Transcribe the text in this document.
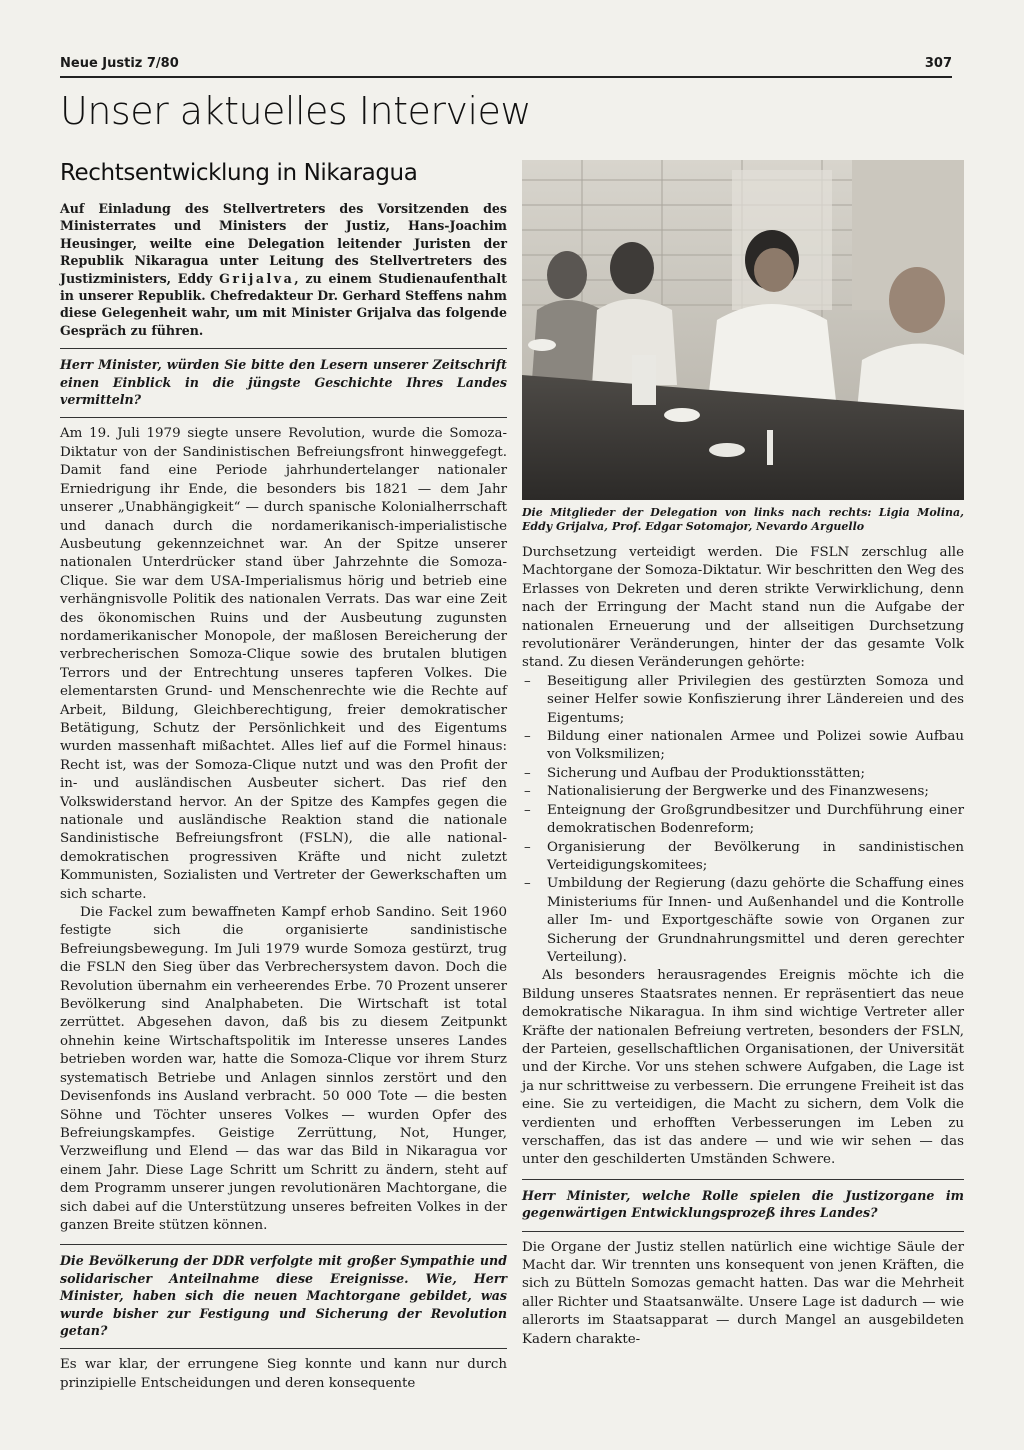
Neue Justiz 7/80	307
Unser aktuelles Interview
Rechtsentwicklung in Nikaragua

Auf Einladung des Stellvertreters des Vorsitzenden des Ministerrates und Ministers der Justiz, Hans-Joachim Heusinger, weilte eine Delegation leitender Juristen der Republik Nikaragua unter Leitung des Stellvertreters des Justizministers, Eddy Grijalva, zu einem Studienaufenthalt in unserer Republik. Chefredakteur Dr. Gerhard Steffens nahm diese Gelegenheit wahr, um mit Minister Grijalva das folgende Gespräch zu führen.

Herr Minister, würden Sie bitte den Lesern unserer Zeitschrift einen Einblick in die jüngste Geschichte Ihres Landes vermitteln?

Am 19. Juli 1979 siegte unsere Revolution, wurde die Somoza-Diktatur von der Sandinistischen Befreiungsfront hinweggefegt. Damit fand eine Periode jahrhundertelanger nationaler Erniedrigung ihr Ende, die besonders bis 1821 — dem Jahr unserer „Unabhängigkeit“ — durch spanische Kolonialherrschaft und danach durch die nordamerikanisch-imperialistische Ausbeutung gekennzeichnet war. An der Spitze unserer nationalen Unterdrücker stand über Jahrzehnte die Somoza-Clique. Sie war dem USA-Imperialismus hörig und betrieb eine verhängnisvolle Politik des nationalen Verrats. Das war eine Zeit des ökonomischen Ruins und der Ausbeutung zugunsten nordamerikanischer Monopole, der maßlosen Bereicherung der verbrecherischen Somoza-Clique sowie des brutalen blutigen Terrors und der Entrechtung unseres tapferen Volkes. Die elementarsten Grund- und Menschenrechte wie die Rechte auf Arbeit, Bildung, Gleichberechtigung, freier demokratischer Betätigung, Schutz der Persönlichkeit und des Eigentums wurden massenhaft mißachtet. Alles lief auf die Formel hinaus: Recht ist, was der Somoza-Clique nutzt und was den Profit der in- und ausländischen Ausbeuter sichert. Das rief den Volkswiderstand hervor. An der Spitze des Kampfes gegen die nationale und ausländische Reaktion stand die nationale Sandinistische Befreiungsfront (FSLN), die alle national-demokratischen progressiven Kräfte und nicht zuletzt Kommunisten, Sozialisten und Vertreter der Gewerkschaften um sich scharte.

Die Fackel zum bewaffneten Kampf erhob Sandino. Seit 1960 festigte sich die organisierte sandinistische Befreiungsbewegung. Im Juli 1979 wurde Somoza gestürzt, trug die FSLN den Sieg über das Verbrechersystem davon. Doch die Revolution übernahm ein verheerendes Erbe. 70 Prozent unserer Bevölkerung sind Analphabeten. Die Wirtschaft ist total zerrüttet. Abgesehen davon, daß bis zu diesem Zeitpunkt ohnehin keine Wirtschaftspolitik im Interesse unseres Landes betrieben worden war, hatte die Somoza-Clique vor ihrem Sturz systematisch Betriebe und Anlagen sinnlos zerstört und den Devisenfonds ins Ausland verbracht. 50 000 Tote — die besten Söhne und Töchter unseres Volkes — wurden Opfer des Befreiungskampfes. Geistige Zerrüttung, Not, Hunger, Verzweiflung und Elend — das war das Bild in Nikaragua vor einem Jahr. Diese Lage Schritt um Schritt zu ändern, steht auf dem Programm unserer jungen revolutionären Machtorgane, die sich dabei auf die Unterstützung unseres befreiten Volkes in der ganzen Breite stützen können.

Die Bevölkerung der DDR verfolgte mit großer Sympathie und solidarischer Anteilnahme diese Ereignisse. Wie, Herr Minister, haben sich die neuen Machtorgane gebildet, was wurde bisher zur Festigung und Sicherung der Revolution getan?

Es war klar, der errungene Sieg konnte und kann nur durch prinzipielle Entscheidungen und deren konsequente

Die Mitglieder der Delegation von links nach rechts: Ligia Molina, Eddy Grijalva, Prof. Edgar Sotomajor, Nevardo Arguello

Durchsetzung verteidigt werden. Die FSLN zerschlug alle Machtorgane der Somoza-Diktatur. Wir beschritten den Weg des Erlasses von Dekreten und deren strikte Verwirklichung, denn nach der Erringung der Macht stand nun die Aufgabe der nationalen Erneuerung und der allseitigen Durchsetzung revolutionärer Veränderungen, hinter der das gesamte Volk stand. Zu diesen Veränderungen gehörte:

– Beseitigung aller Privilegien des gestürzten Somoza und seiner Helfer sowie Konfiszierung ihrer Ländereien und des Eigentums;
– Bildung einer nationalen Armee und Polizei sowie Aufbau von Volksmilizen;
– Sicherung und Aufbau der Produktionsstätten;
– Nationalisierung der Bergwerke und des Finanzwesens;
– Enteignung der Großgrundbesitzer und Durchführung einer demokratischen Bodenreform;
– Organisierung der Bevölkerung in sandinistischen Verteidigungskomitees;
– Umbildung der Regierung (dazu gehörte die Schaffung eines Ministeriums für Innen- und Außenhandel und die Kontrolle aller Im- und Exportgeschäfte sowie von Organen zur Sicherung der Grundnahrungsmittel und deren gerechter Verteilung).

Als besonders herausragendes Ereignis möchte ich die Bildung unseres Staatsrates nennen. Er repräsentiert das neue demokratische Nikaragua. In ihm sind wichtige Vertreter aller Kräfte der nationalen Befreiung vertreten, besonders der FSLN, der Parteien, gesellschaftlichen Organisationen, der Universität und der Kirche. Vor uns stehen schwere Aufgaben, die Lage ist ja nur schrittweise zu verbessern. Die errungene Freiheit ist das eine. Sie zu verteidigen, die Macht zu sichern, dem Volk die verdienten und erhofften Verbesserungen im Leben zu verschaffen, das ist das andere — und wie wir sehen — das unter den geschilderten Umständen Schwere.

Herr Minister, welche Rolle spielen die Justizorgane im gegenwärtigen Entwicklungsprozeß ihres Landes?

Die Organe der Justiz stellen natürlich eine wichtige Säule der Macht dar. Wir trennten uns konsequent von jenen Kräften, die sich zu Bütteln Somozas gemacht hatten. Das war die Mehrheit aller Richter und Staatsanwälte. Unsere Lage ist dadurch — wie allerorts im Staatsapparat — durch Mangel an ausgebildeten Kadern charakte-
